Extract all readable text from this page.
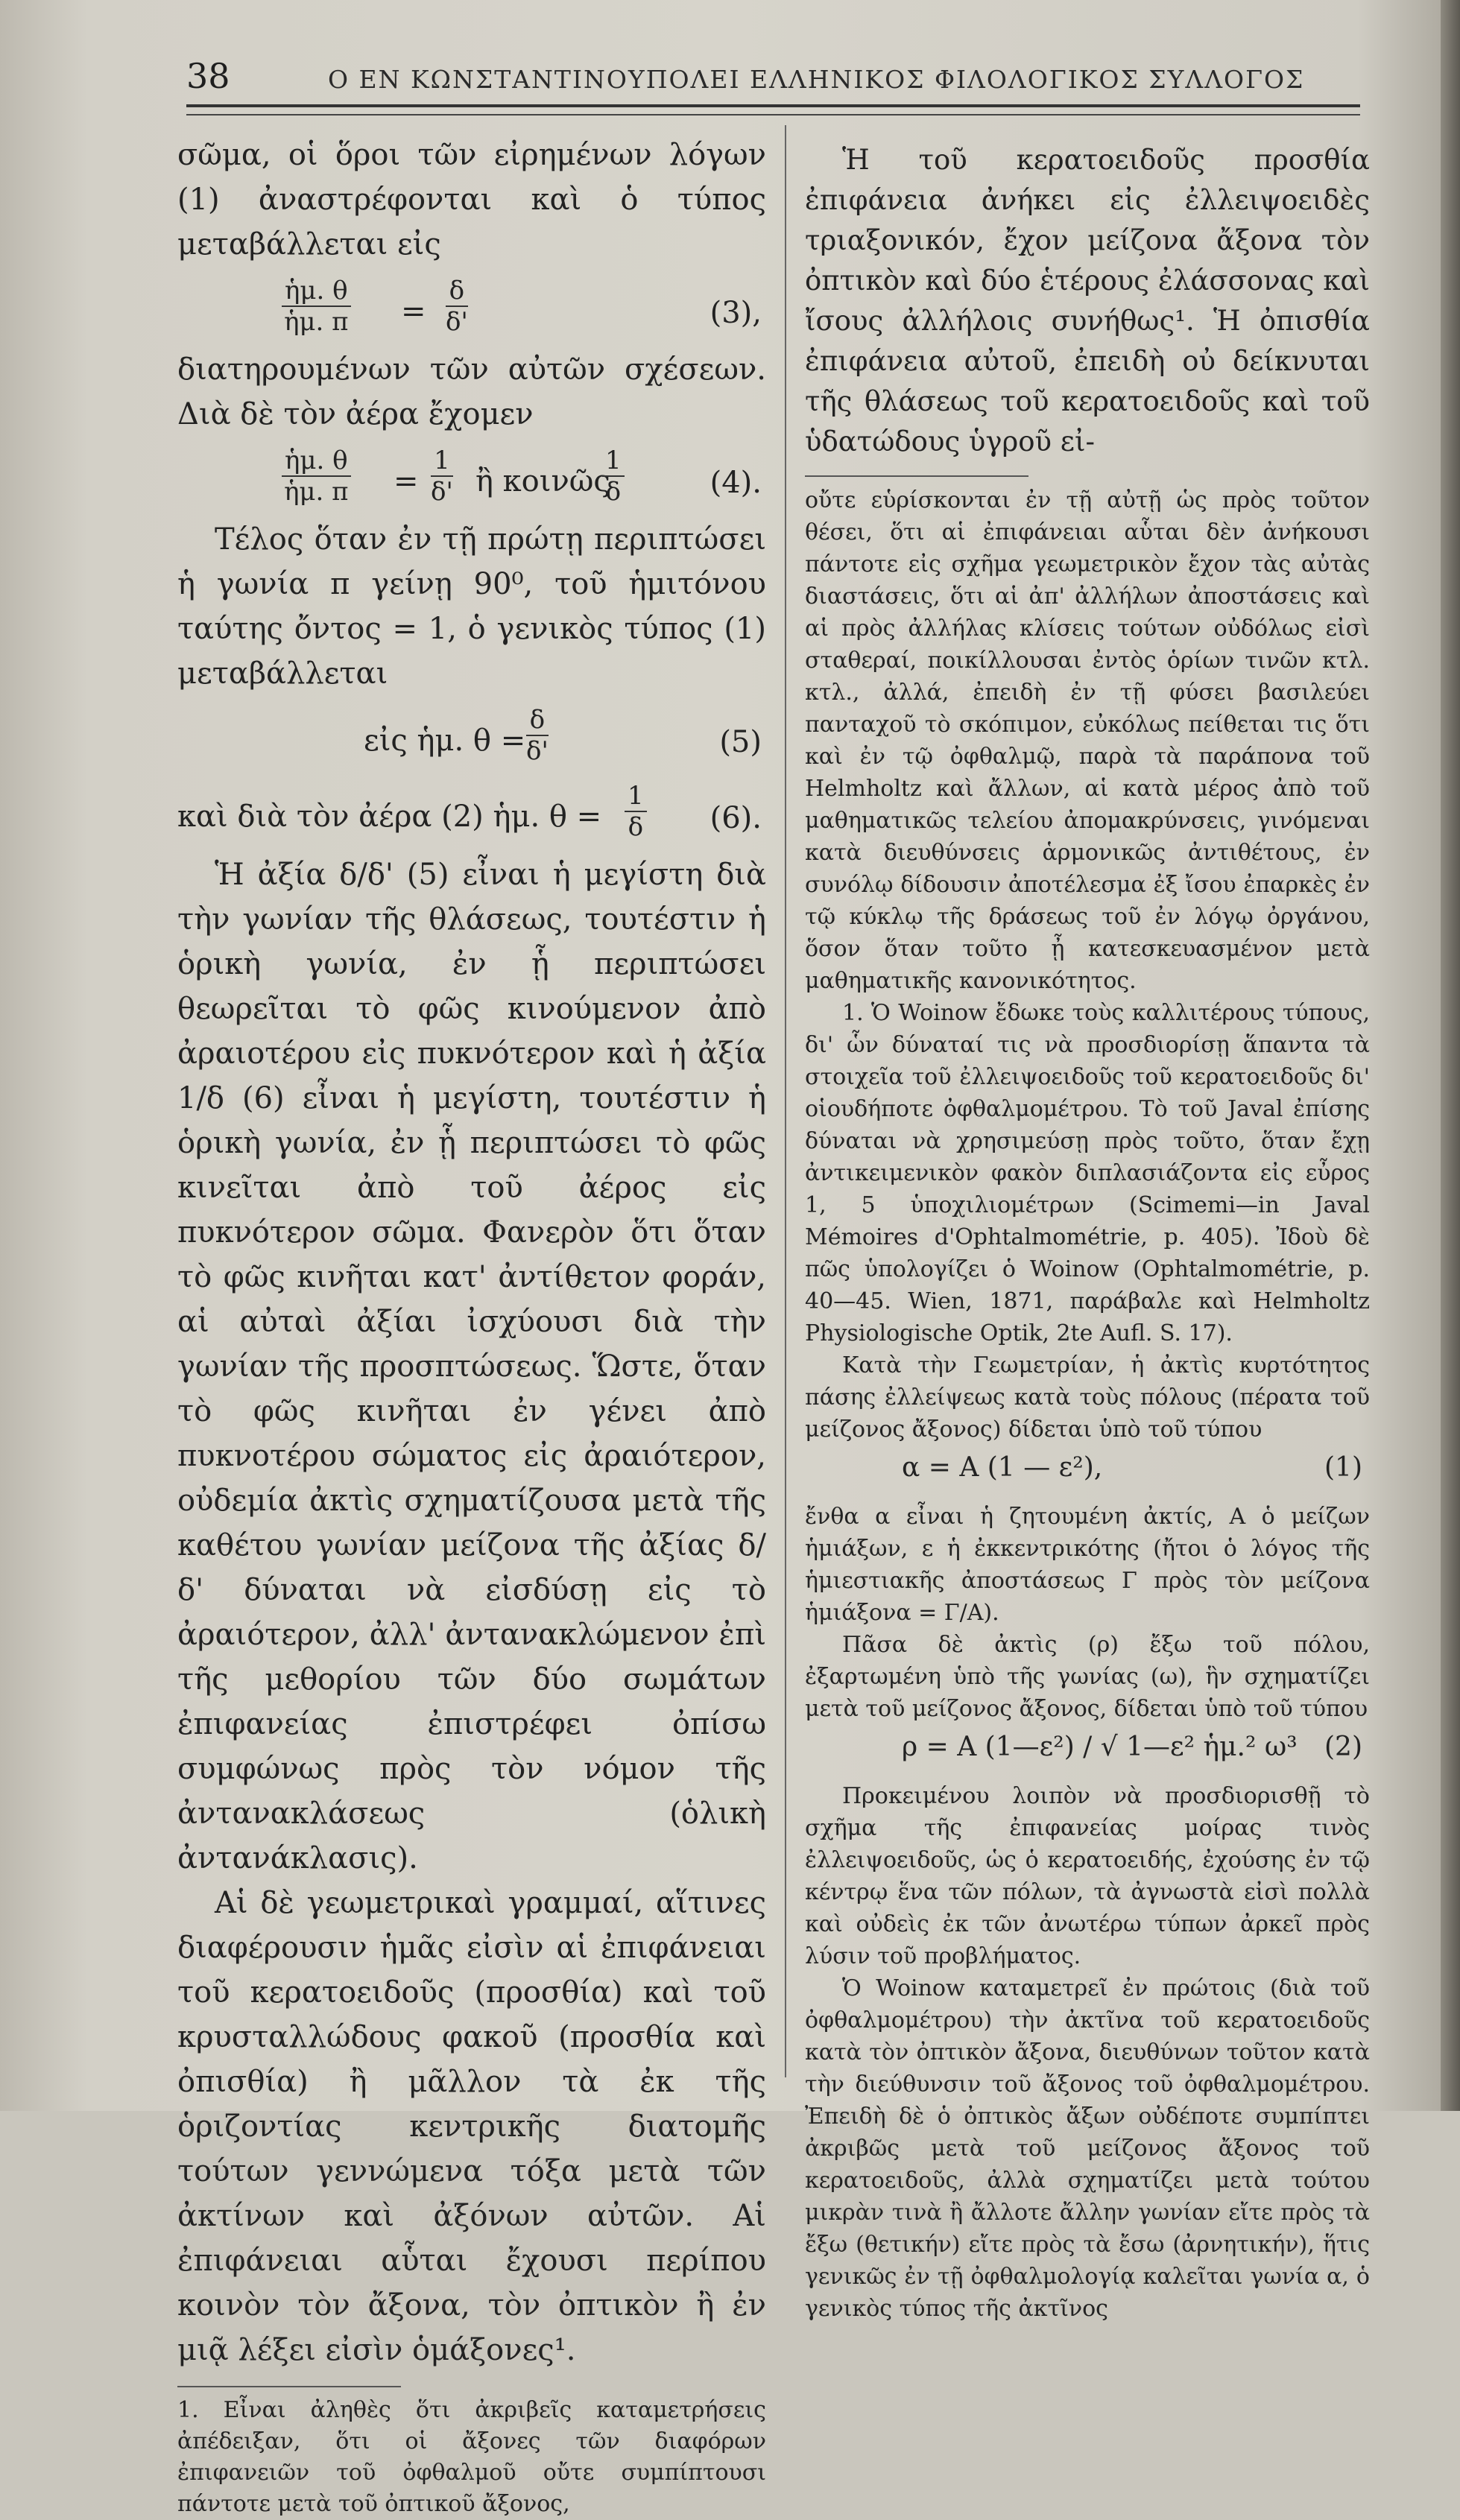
38	Ο ΕΝ ΚΩΝΣΤΑΝΤΙΝΟΥΠΟΛΕΙ ΕΛΛΗΝΙΚΟΣ ΦΙΛΟΛΟΓΙΚΟΣ ΣΥΛΛΟΓΟΣ

σῶμα, οἱ ὅροι τῶν εἰρημένων λόγων (1) ἀναστρέφονται καὶ ὁ τύπος μεταβάλλεται εἰς

$\frac{\text{ἡμ. θ}}{\text{ἡμ. π}} = \frac{\delta}{\delta'}$	(3),

διατηρουμένων τῶν αὐτῶν σχέσεων. Διὰ δὲ τὸν ἀέρα ἔχομεν

$\frac{\text{ἡμ. θ}}{\text{ἡμ. π}} = \frac{1}{\delta'}$ ἢ κοινῶς
$\frac{1}{\delta}$	(4).

Τέλος ὅταν ἐν τῇ πρώτῃ περιπτώσει ἡ γωνία π γείνῃ 90⁰, τοῦ ἡμιτόνου ταύτης ὄντος = 1, ὁ γενικὸς τύπος (1) μεταβάλλεται

εἰς ἡμ. $\theta = \frac{\delta}{\delta'}$	(5)
καὶ διὰ τὸν ἀέρα (2) ἡμ. $\theta = \frac{1}{\delta} (6)$.

Ἡ ἀξία δ/δ' (5) εἶναι ἡ μεγίστη διὰ τὴν γωνίαν τῆς θλάσεως, τουτέστιν ἡ ὁρικὴ γωνία, ἐν ᾗ περιπτώσει θεωρεῖται τὸ φῶς κινούμενον ἀπὸ ἀραιοτέρου εἰς πυκνότερον καὶ ἡ ἀξία 1/δ (6) εἶναι ἡ μεγίστη, τουτέστιν ἡ ὁρικὴ γωνία, ἐν ᾗ περιπτώσει τὸ φῶς κινεῖται ἀπὸ τοῦ ἀέρος εἰς πυκνότερον σῶμα. Φανερὸν ὅτι ὅταν τὸ φῶς κινῆται κατ' ἀντίθετον φοράν, αἱ αὐταὶ ἀξίαι ἰσχύουσι διὰ τὴν γωνίαν τῆς προσπτώσεως. Ὥστε, ὅταν τὸ φῶς κινῆται ἐν γένει ἀπὸ πυκνοτέρου σώματος εἰς ἀραιότερον, οὐδεμία ἀκτὶς σχηματίζουσα μετὰ τῆς καθέτου γωνίαν μείζονα τῆς ἀξίας δ/δ' δύναται νὰ εἰσδύσῃ εἰς τὸ ἀραιότερον, ἀλλ' ἀντανακλώμενον ἐπὶ τῆς μεθορίου τῶν δύο σωμάτων ἐπιφανείας ἐπιστρέφει ὀπίσω συμφώνως πρὸς τὸν νόμον τῆς ἀντανακλάσεως (ὁλικὴ ἀντανάκλασις).

Αἱ δὲ γεωμετρικαὶ γραμμαί, αἵτινες διαφέρουσιν ἡμᾶς εἰσὶν αἱ ἐπιφάνειαι τοῦ κερατοειδοῦς (προσθία) καὶ τοῦ κρυσταλλώδους φακοῦ (προσθία καὶ ὀπισθία) ἢ μᾶλλον τὰ ἐκ τῆς ὁριζοντίας κεντρικῆς διατομῆς τούτων γεννώμενα τόξα μετὰ τῶν ἀκτίνων καὶ ἀξόνων αὐτῶν. Αἱ ἐπιφάνειαι αὗται ἔχουσι περίπου κοινὸν τὸν ἄξονα, τὸν ὀπτικὸν ἢ ἐν μιᾷ λέξει εἰσὶν ὁμάξονες¹.

1. Εἶναι ἀληθὲς ὅτι ἀκριβεῖς καταμετρήσεις ἀπέδειξαν, ὅτι οἱ ἄξονες τῶν διαφόρων ἐπιφανειῶν τοῦ ὀφθαλμοῦ οὔτε συμπίπτουσι πάντοτε μετὰ τοῦ ὀπτικοῦ ἄξονος,

Ἡ τοῦ κερατοειδοῦς προσθία ἐπιφάνεια ἀνήκει εἰς ἐλλειψοειδὲς τριαξονικόν, ἔχον μείζονα ἄξονα τὸν ὀπτικὸν καὶ δύο ἑτέρους ἐλάσσονας καὶ ἴσους ἀλλήλοις συνήθως¹. Ἡ ὀπισθία ἐπιφάνεια αὐτοῦ, ἐπειδὴ οὐ δείκνυται τῆς θλάσεως τοῦ κερατοειδοῦς καὶ τοῦ ὑδατώδους ὑγροῦ εἰ-

οὔτε εὑρίσκονται ἐν τῇ αὐτῇ ὡς πρὸς τοῦτον θέσει, ὅτι αἱ ἐπιφάνειαι αὗται δὲν ἀνήκουσι πάντοτε εἰς σχῆμα γεωμετρικὸν ἔχον τὰς αὐτὰς διαστάσεις, ὅτι αἱ ἀπ' ἀλλήλων ἀποστάσεις καὶ αἱ πρὸς ἀλλήλας κλίσεις τούτων οὐδόλως εἰσὶ σταθεραί, ποικίλλουσαι ἐντὸς ὁρίων τινῶν κτλ. κτλ., ἀλλά, ἐπειδὴ ἐν τῇ φύσει βασιλεύει πανταχοῦ τὸ σκόπιμον, εὐκόλως πείθεται τις ὅτι καὶ ἐν τῷ ὀφθαλμῷ, παρὰ τὰ παράπονα τοῦ Helmholtz καὶ ἄλλων, αἱ κατὰ μέρος ἀπὸ τοῦ μαθηματικῶς τελείου ἀπομακρύνσεις, γινόμεναι κατὰ διευθύνσεις ἁρμονικῶς ἀντιθέτους, ἐν συνόλῳ δίδουσιν ἀποτέλεσμα ἐξ ἴσου ἐπαρκὲς ἐν τῷ κύκλῳ τῆς δράσεως τοῦ ἐν λόγῳ ὀργάνου, ὅσον ὅταν τοῦτο ᾖ κατεσκευασμένον μετὰ μαθηματικῆς κανονικότητος.

1. Ὁ Woinow ἔδωκε τοὺς καλλιτέρους τύπους, δι' ὧν δύναταί τις νὰ προσδιορίσῃ ἅπαντα τὰ στοιχεῖα τοῦ ἐλλειψοειδοῦς τοῦ κερατοειδοῦς δι' οἱουδήποτε ὀφθαλμομέτρου. Τὸ τοῦ Javal ἐπίσης δύναται νὰ χρησιμεύσῃ πρὸς τοῦτο, ὅταν ἔχῃ ἀντικειμενικὸν φακὸν διπλασιάζοντα εἰς εὖρος 1, 5 ὑποχιλιομέτρων (Scimemi—in Javal Mémoires d'Ophtalmométrie, p. 405). Ἰδοὺ δὲ πῶς ὑπολογίζει ὁ Woinow (Ophtalmométrie, p. 40—45. Wien, 1871, παράβαλε καὶ Helmholtz Physiologische Optik, 2te Aufl. S. 17).

Κατὰ τὴν Γεωμετρίαν, ἡ ἀκτὶς κυρτότητος πάσης ἐλλείψεως κατὰ τοὺς πόλους (πέρατα τοῦ μείζονος ἄξονος) δίδεται ὑπὸ τοῦ τύπου

α = Α (1 — ε²),	(1)

ἔνθα α εἶναι ἡ ζητουμένη ἀκτίς, Α ὁ μείζων ἡμιάξων, ε ἡ ἐκκεντρικότης (ἤτοι ὁ λόγος τῆς ἡμιεστιακῆς ἀποστάσεως Γ πρὸς τὸν μείζονα ἡμιάξονα = Γ/Α).

Πᾶσα δὲ ἀκτὶς (ρ) ἔξω τοῦ πόλου, ἐξαρτωμένη ὑπὸ τῆς γωνίας (ω), ἣν σχηματίζει μετὰ τοῦ μείζονος ἄξονος, δίδεται ὑπὸ τοῦ τύπου

ρ = Α (1—ε²) / √ 1—ε² ἡμ.² ω³ (2)

Προκειμένου λοιπὸν νὰ προσδιορισθῇ τὸ σχῆμα τῆς ἐπιφανείας μοίρας τινὸς ἐλλειψοειδοῦς, ὡς ὁ κερατοειδής, ἐχούσης ἐν τῷ κέντρῳ ἕνα τῶν πόλων, τὰ ἀγνωστὰ εἰσὶ πολλὰ καὶ οὐδεὶς ἐκ τῶν ἀνωτέρω τύπων ἀρκεῖ πρὸς λύσιν τοῦ προβλήματος.

Ὁ Woinow καταμετρεῖ ἐν πρώτοις (διὰ τοῦ ὀφθαλμομέτρου) τὴν ἀκτῖνα τοῦ κερατοειδοῦς κατὰ τὸν ὀπτικὸν ἄξονα, διευθύνων τοῦτον κατὰ τὴν διεύθυνσιν τοῦ ἄξονος τοῦ ὀφθαλμομέτρου. Ἐπειδὴ δὲ ὁ ὀπτικὸς ἄξων οὐδέποτε συμπίπτει ἀκριβῶς μετὰ τοῦ μείζονος ἄξονος τοῦ κερατοειδοῦς, ἀλλὰ σχηματίζει μετὰ τούτου μικρὰν τινὰ ἢ ἄλλοτε ἄλλην γωνίαν εἴτε πρὸς τὰ ἔξω (θετικήν) εἴτε πρὸς τὰ ἔσω (ἀρνητικήν), ἥτις γενικῶς ἐν τῇ ὀφθαλμολογίᾳ καλεῖται γωνία α, ὁ γενικὸς τύπος τῆς ἀκτῖνος
